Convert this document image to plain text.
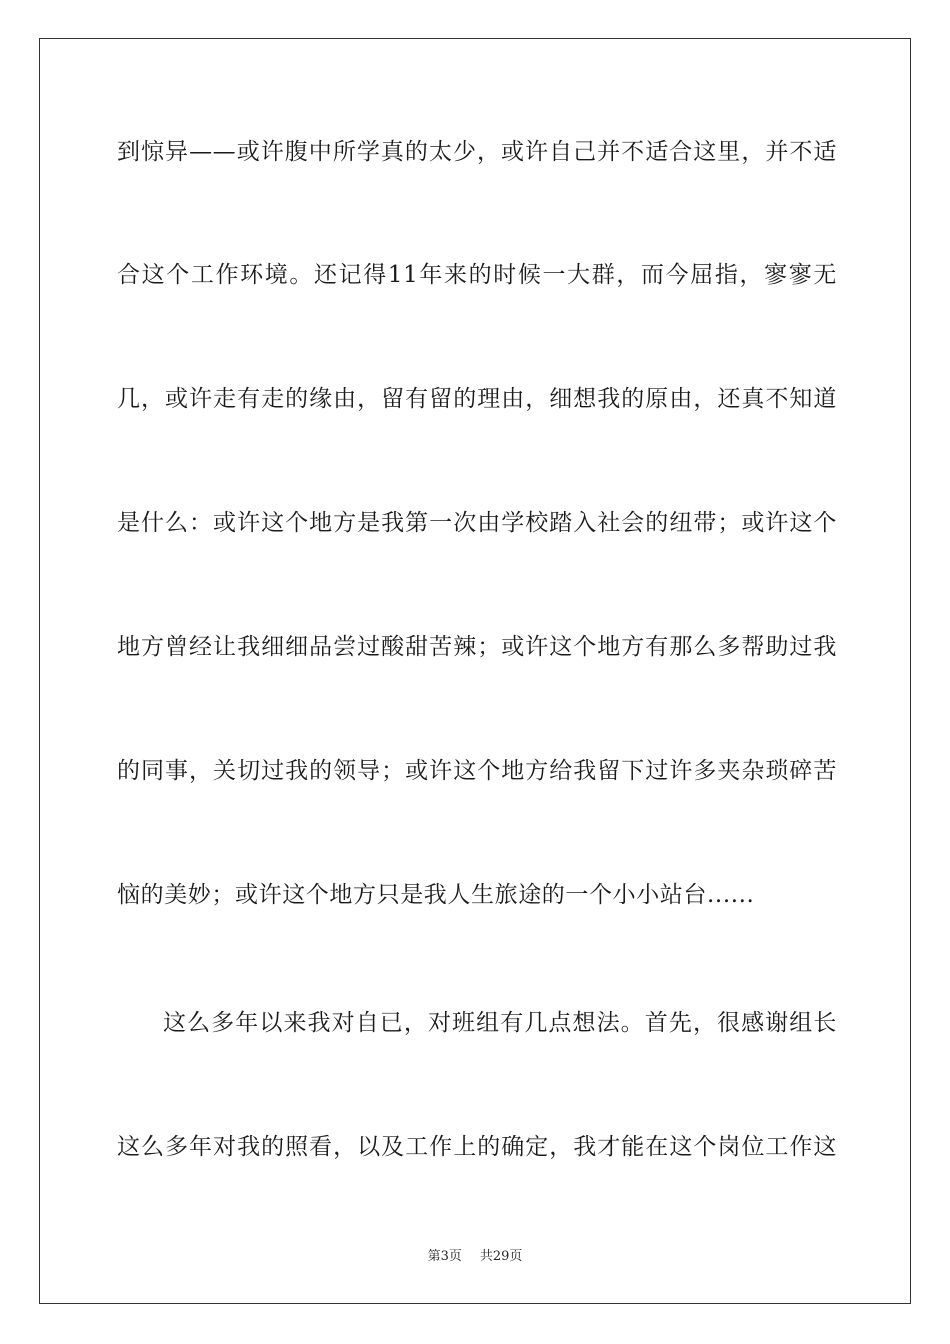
到惊异——或许腹中所学真的太少，或许自己并不适合这里，并不适
合这个工作环境。还记得11年来的时候一大群，而今屈指，寥寥无
几，或许走有走的缘由，留有留的理由，细想我的原由，还真不知道
是什么：或许这个地方是我第一次由学校踏入社会的纽带；或许这个
地方曾经让我细细品尝过酸甜苦辣；或许这个地方有那么多帮助过我
的同事，关切过我的领导；或许这个地方给我留下过许多夹杂琐碎苦
恼的美妙；或许这个地方只是我人生旅途的一个小小站台......
这么多年以来我对自已，对班组有几点想法。首先，很感谢组长
这么多年对我的照看，以及工作上的确定，我才能在这个岗位工作这
第3页 共29页
